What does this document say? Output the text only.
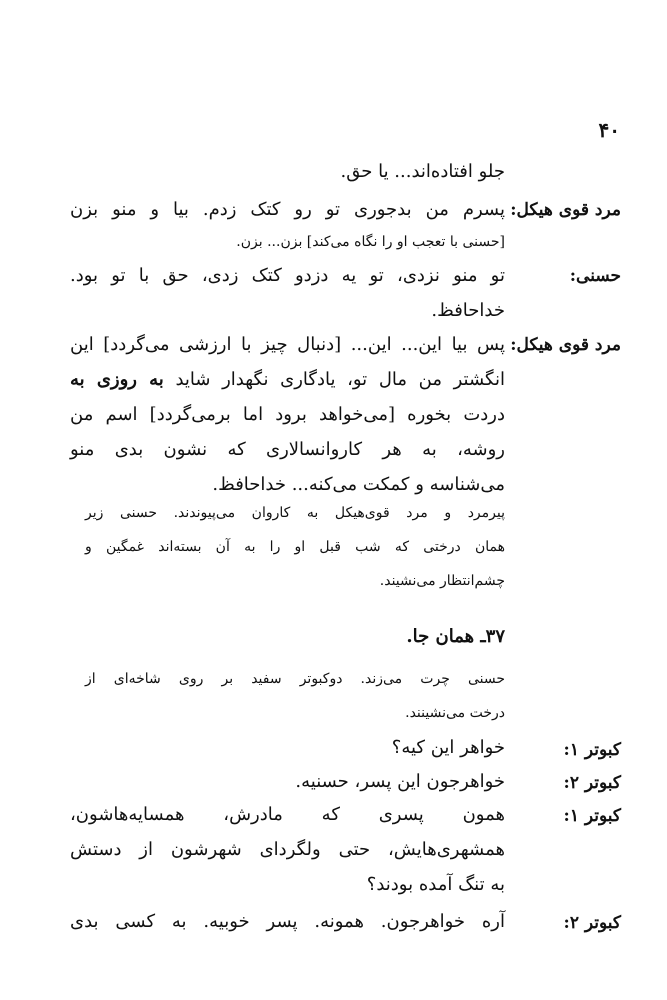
۴۰
جلو افتاده‌اند... یا حق.
مرد قوی هیکل:
پسرم من بدجوری تو رو کتک زدم. بیا و منو بزن
[حسنی با تعجب او را نگاه می‌کند] بزن... بزن.
حسنی:
تو منو نزدی، تو یه دزدو کتک زدی، حق با تو بود.
خداحافظ.
مرد قوی هیکل:
پس بیا این... این... [دنبال چیز با ارزشی می‌گردد] این
انگشتر من مال تو، یادگاری نگهدار شاید به روزی به
دردت بخوره [می‌خواهد برود اما برمی‌گردد] اسم من
روشه، به هر کاروانسالاری که نشون بدی منو
می‌شناسه و کمکت می‌کنه... خداحافظ.
پیرمرد و مرد قوی‌هیکل به کاروان می‌پیوندند. حسنی زیر
همان درختی که شب قبل او را به آن بسته‌اند غمگین و
چشم‌انتظار می‌نشیند.
۳۷ـ همان جا.
حسنی چرت می‌زند. دوکبوتر سفید بر روی شاخه‌ای از
درخت می‌نشینند.
کبوتر ۱:
خواهر این کیه؟
کبوتر ۲:
خواهرجون این پسر، حسنیه.
کبوتر ۱:
همون پسری که مادرش، همسایه‌هاشون،
همشهری‌هایش، حتی ولگردای شهرشون از دستش
به تنگ آمده بودند؟
کبوتر ۲:
آره خواهرجون. همونه. پسر خوبیه. به کسی بدی
